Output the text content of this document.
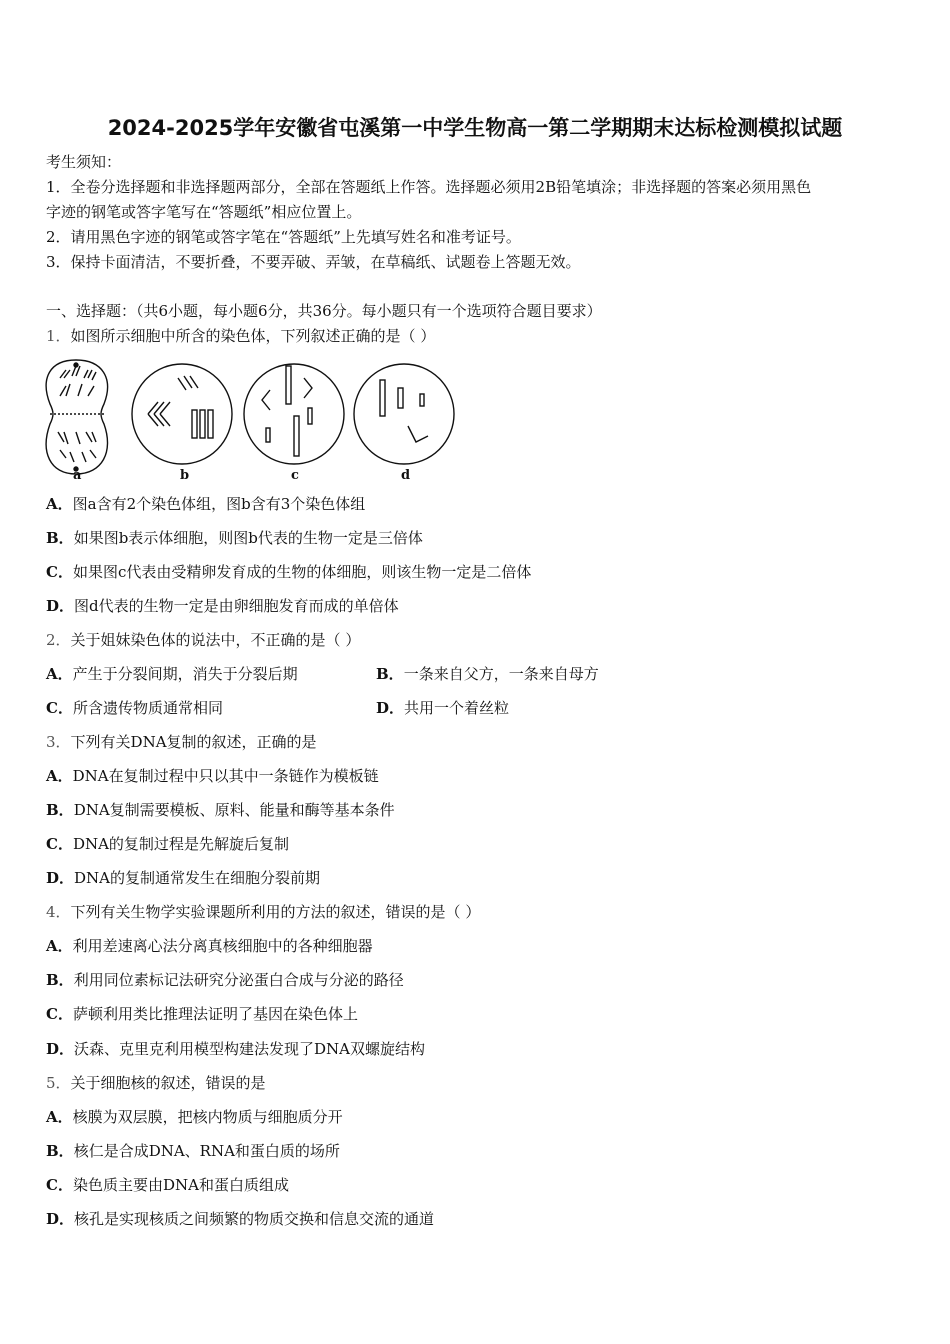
2024-2025学年安徽省屯溪第一中学生物高一第二学期期末达标检测模拟试题
考生须知：
1．全卷分选择题和非选择题两部分，全部在答题纸上作答。选择题必须用2B铅笔填涂；非选择题的答案必须用黑色
字迹的钢笔或答字笔写在“答题纸”相应位置上。
2．请用黑色字迹的钢笔或答字笔在“答题纸”上先填写姓名和准考证号。
3．保持卡面清洁，不要折叠，不要弄破、弄皱，在草稿纸、试题卷上答题无效。
一、选择题：（共6小题，每小题6分，共36分。每小题只有一个选项符合题目要求）
1．如图所示细胞中所含的染色体，下列叙述正确的是（ ）
a	b	c	d
A．图a含有2个染色体组，图b含有3个染色体组
B．如果图b表示体细胞，则图b代表的生物一定是三倍体
C．如果图c代表由受精卵发育成的生物的体细胞，则该生物一定是二倍体
D．图d代表的生物一定是由卵细胞发育而成的单倍体
2．关于姐妹染色体的说法中，不正确的是（ ）
A．产生于分裂间期，消失于分裂后期	B．一条来自父方，一条来自母方
C．所含遗传物质通常相同	D．共用一个着丝粒
3．下列有关DNA复制的叙述，正确的是
A．DNA在复制过程中只以其中一条链作为模板链
B．DNA复制需要模板、原料、能量和酶等基本条件
C．DNA的复制过程是先解旋后复制
D．DNA的复制通常发生在细胞分裂前期
4．下列有关生物学实验课题所利用的方法的叙述，错误的是（ ）
A．利用差速离心法分离真核细胞中的各种细胞器
B．利用同位素标记法研究分泌蛋白合成与分泌的路径
C．萨顿利用类比推理法证明了基因在染色体上
D．沃森、克里克利用模型构建法发现了DNA双螺旋结构
5．关于细胞核的叙述，错误的是
A．核膜为双层膜，把核内物质与细胞质分开
B．核仁是合成DNA、RNA和蛋白质的场所
C．染色质主要由DNA和蛋白质组成
D．核孔是实现核质之间频繁的物质交换和信息交流的通道
